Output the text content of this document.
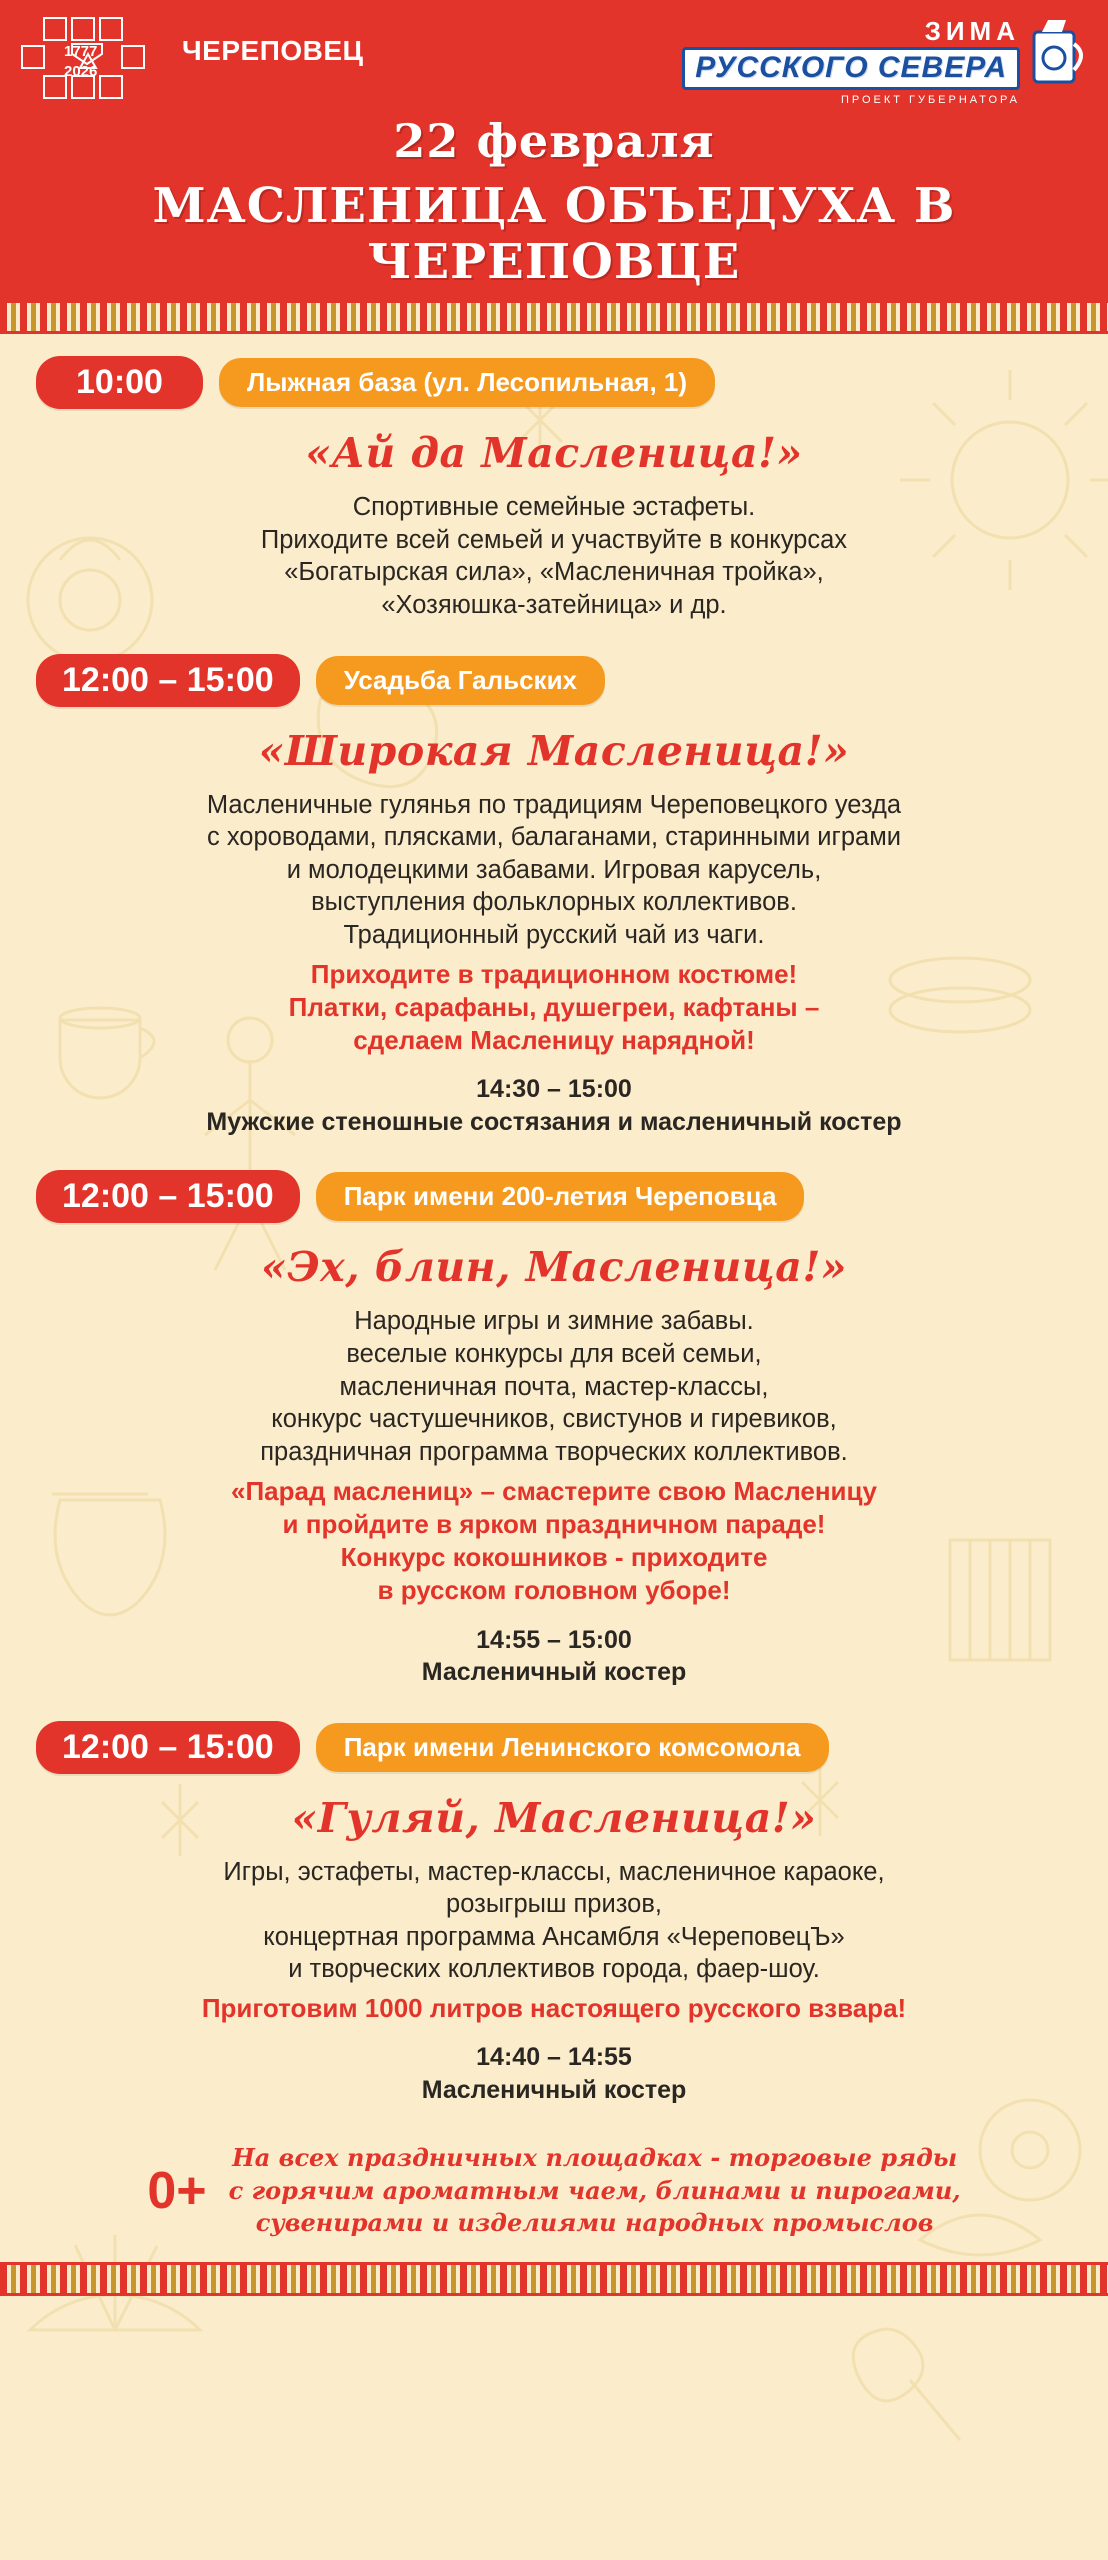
1777
2026
ЧЕРЕПОВЕЦ
ЗИМА
РУССКОГО СЕВЕРА
ПРОЕКТ ГУБЕРНАТОРА
22 февраля
МАСЛЕНИЦА ОБЪЕДУХА В ЧЕРЕПОВЦЕ
10:00	Лыжная база (ул. Лесопильная, 1)
«Ай да Масленица!»
Спортивные семейные эстафеты.
Приходите всей семьей и участвуйте в конкурсах
«Богатырская сила», «Масленичная тройка»,
«Хозяюшка-затейница» и др.
12:00 – 15:00	Усадьба Гальских
«Широкая Масленица!»
Масленичные гулянья по традициям Череповецкого уезда
с хороводами, плясками, балаганами, старинными играми
и молодецкими забавами. Игровая карусель,
выступления фольклорных коллективов.
Традиционный русский чай из чаги.
Приходите в традиционном костюме!
Платки, сарафаны, душегреи, кафтаны –
сделаем Масленицу нарядной!
14:30 – 15:00
Мужские стеношные состязания и масленичный костер
12:00 – 15:00	Парк имени 200-летия Череповца
«Эх, блин, Масленица!»
Народные игры и зимние забавы.
веселые конкурсы для всей семьи,
масленичная почта, мастер-классы,
конкурс частушечников, свистунов и гиревиков,
праздничная программа творческих коллективов.
«Парад маслениц» – смастерите свою Масленицу
и пройдите в ярком праздничном параде!
Конкурс кокошников - приходите
в русском головном уборе!
14:55 – 15:00
Масленичный костер
12:00 – 15:00	Парк имени Ленинского комсомола
«Гуляй, Масленица!»
Игры, эстафеты, мастер-классы, масленичное караоке,
розыгрыш призов,
концертная программа Ансамбля «ЧереповецЪ»
и творческих коллективов города, фаер-шоу.
Приготовим 1000 литров настоящего русского взвара!
14:40 – 14:55
Масленичный костер
0+
На всех праздничных площадках - торговые ряды
с горячим ароматным чаем, блинами и пирогами,
сувенирами и изделиями народных промыслов
